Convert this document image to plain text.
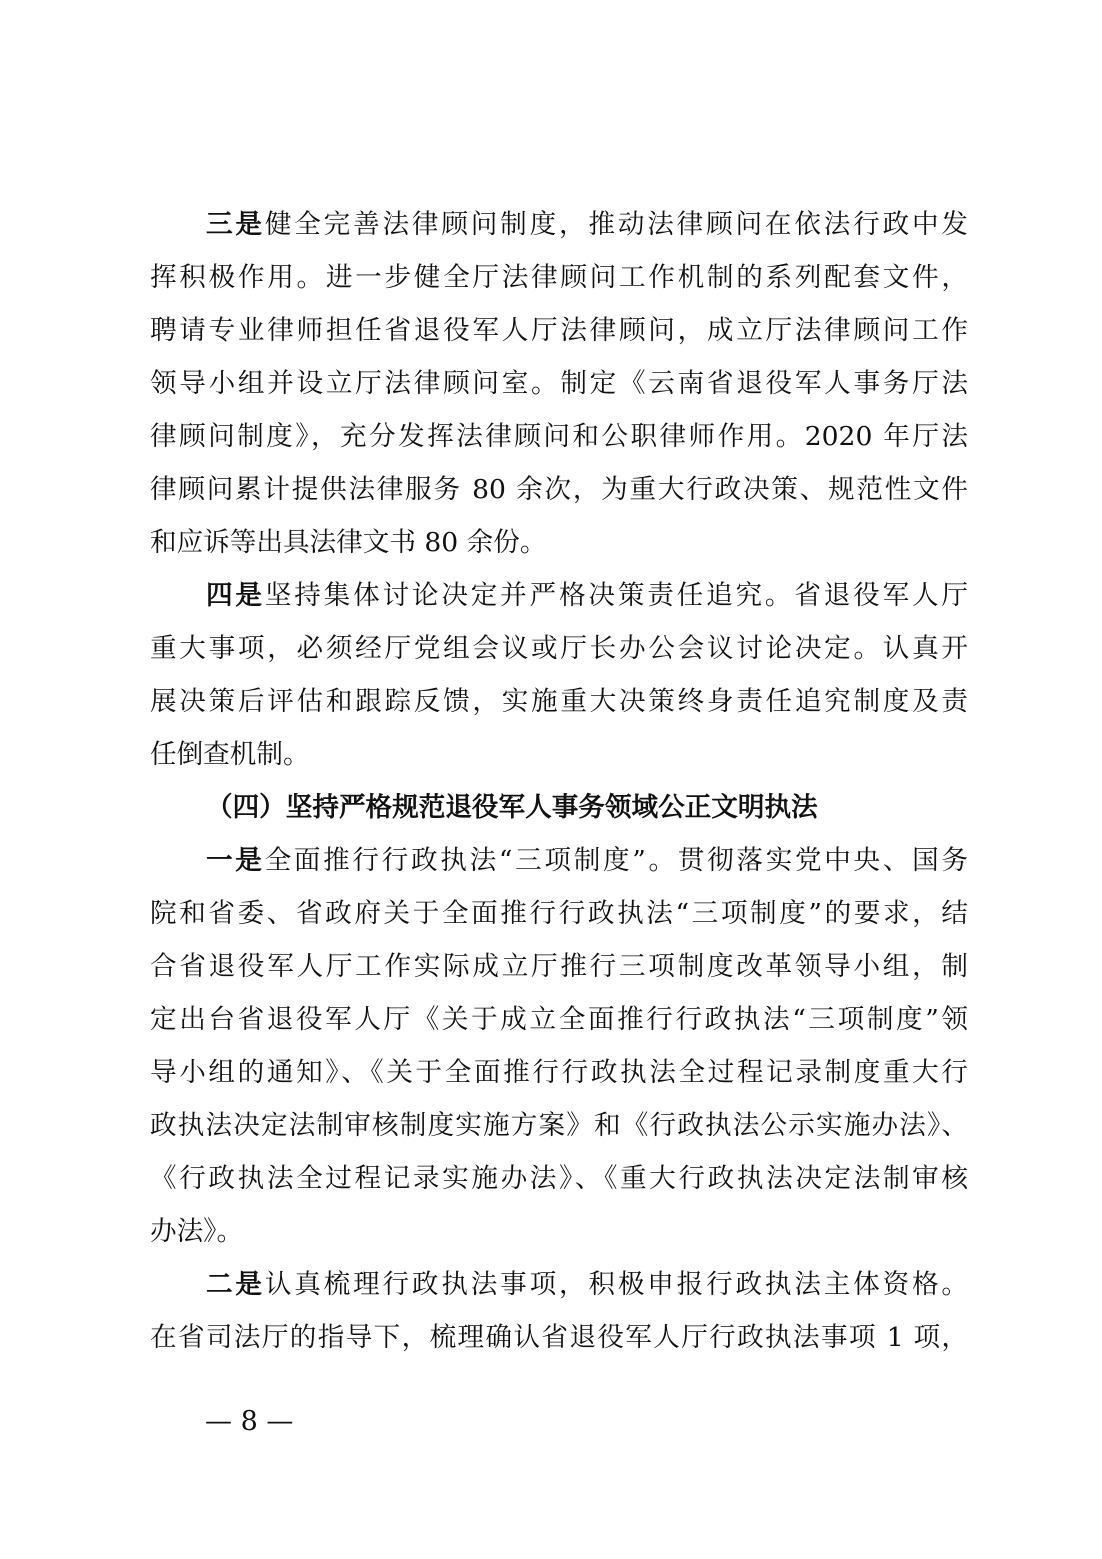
三是健全完善法律顾问制度，推动法律顾问在依法行政中发
挥积极作用。进一步健全厅法律顾问工作机制的系列配套文件，
聘请专业律师担任省退役军人厅法律顾问，成立厅法律顾问工作
领导小组并设立厅法律顾问室。制定《云南省退役军人事务厅法
律顾问制度》，充分发挥法律顾问和公职律师作用。2020 年厅法
律顾问累计提供法律服务 80 余次，为重大行政决策、规范性文件
和应诉等出具法律文书 80 余份。
四是坚持集体讨论决定并严格决策责任追究。省退役军人厅
重大事项，必须经厅党组会议或厅长办公会议讨论决定。认真开
展决策后评估和跟踪反馈，实施重大决策终身责任追究制度及责
任倒查机制。
（四）坚持严格规范退役军人事务领域公正文明执法
一是全面推行行政执法“三项制度”。贯彻落实党中央、国务
院和省委、省政府关于全面推行行政执法“三项制度”的要求，结
合省退役军人厅工作实际成立厅推行三项制度改革领导小组，制
定出台省退役军人厅《关于成立全面推行行政执法“三项制度”领
导小组的通知》、《关于全面推行行政执法全过程记录制度重大行
政执法决定法制审核制度实施方案》和《行政执法公示实施办法》、
《行政执法全过程记录实施办法》、《重大行政执法决定法制审核
办法》。
二是认真梳理行政执法事项，积极申报行政执法主体资格。
在省司法厅的指导下，梳理确认省退役军人厅行政执法事项 1 项，
— 8 —
